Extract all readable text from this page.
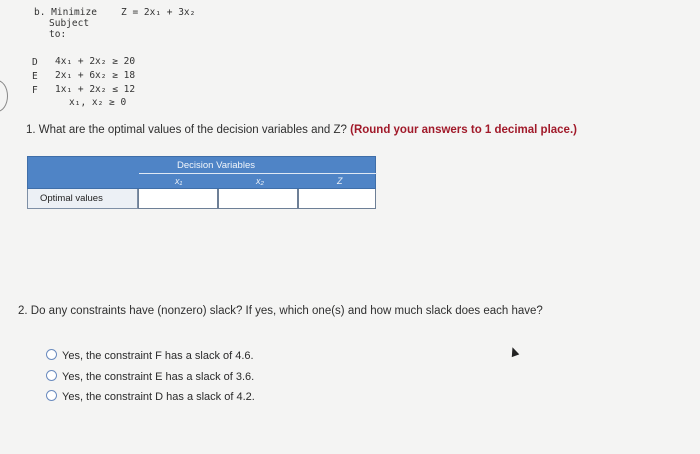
b. Minimize
Subject
to:
Z = 2x₁ + 3x₂
D 4x₁ + 2x₂ ≥ 20
E 2x₁ + 6x₂ ≥ 18
F 1x₁ + 2x₂ ≤ 12
x₁, x₂ ≥ 0
1. What are the optimal values of the decision variables and Z? (Round your answers to 1 decimal place.)
Decision Variables
x₁	x₂	Z
Optimal values
2. Do any constraints have (nonzero) slack? If yes, which one(s) and how much slack does each have?
Yes, the constraint F has a slack of 4.6.
Yes, the constraint E has a slack of 3.6.
Yes, the constraint D has a slack of 4.2.
